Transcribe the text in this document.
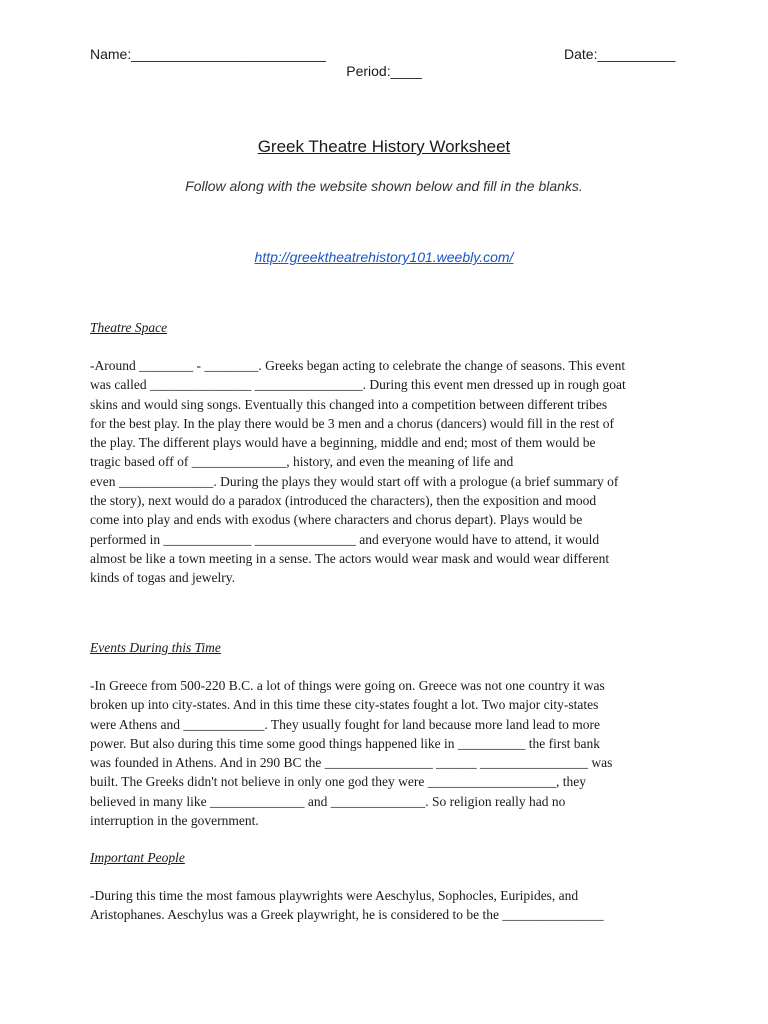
Name:_________________________	Date:__________
Period:____
Greek Theatre History Worksheet
Follow along with the website shown below and fill in the blanks.
http://greektheatrehistory101.weebly.com/
Theatre Space
-Around ________ - ________. Greeks began acting to celebrate the change of seasons. This event
was called _______________ ________________. During this event men dressed up in rough goat
skins and would sing songs. Eventually this changed into a competition between different tribes
for the best play. In the play there would be 3 men and a chorus (dancers) would fill in the rest of
the play. The different plays would have a beginning, middle and end; most of them would be
tragic based off of ______________, history, and even the meaning of life and
even ______________. During the plays they would start off with a prologue (a brief summary of
the story), next would do a paradox (introduced the characters), then the exposition and mood
come into play and ends with exodus (where characters and chorus depart). Plays would be
performed in _____________ _______________ and everyone would have to attend, it would
almost be like a town meeting in a sense. The actors would wear mask and would wear different
kinds of togas and jewelry.
Events During this Time
-In Greece from 500-220 B.C. a lot of things were going on. Greece was not one country it was
broken up into city-states. And in this time these city-states fought a lot. Two major city-states
were Athens and ____________. They usually fought for land because more land lead to more
power. But also during this time some good things happened like in __________ the first bank
was founded in Athens. And in 290 BC the ________________ ______ ________________ was
built. The Greeks didn't not believe in only one god they were ___________________, they
believed in many like ______________ and ______________. So religion really had no
interruption in the government.
Important People
-During this time the most famous playwrights were Aeschylus, Sophocles, Euripides, and
Aristophanes. Aeschylus was a Greek playwright, he is considered to be the _______________
